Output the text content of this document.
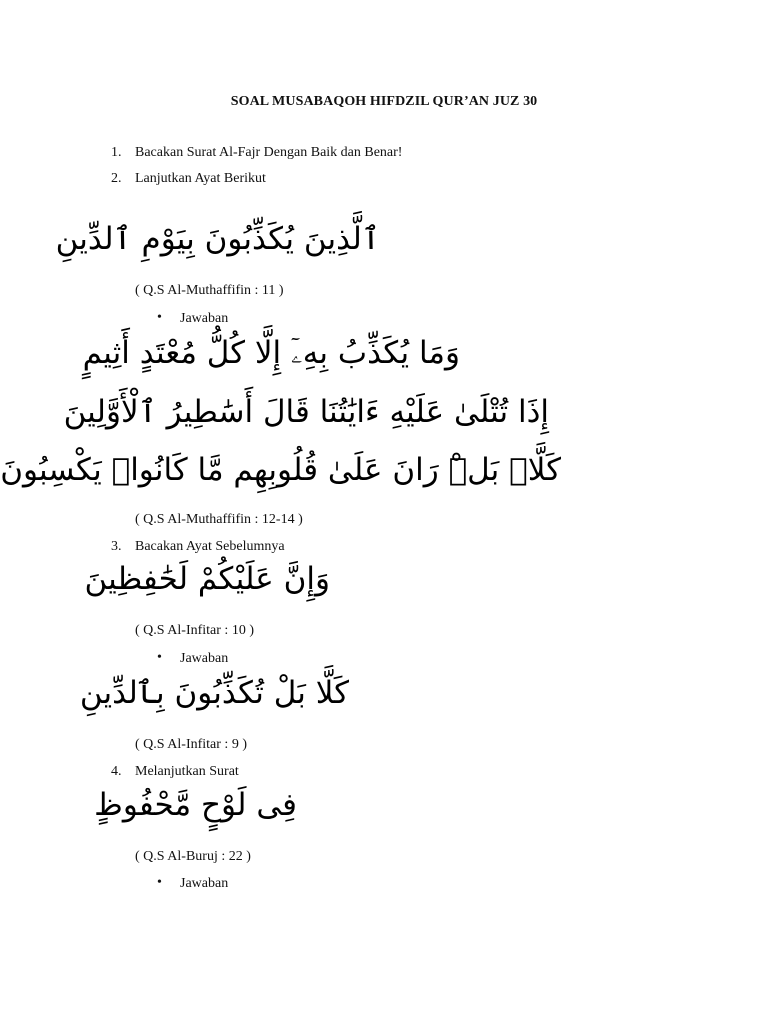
SOAL MUSABAQOH HIFDZIL QUR’AN JUZ 30
1. Bacakan Surat Al-Fajr Dengan Baik dan Benar!
2. Lanjutkan Ayat Berikut
ٱلَّذِينَ يُكَذِّبُونَ بِيَوْمِ ٱلدِّينِ
( Q.S Al-Muthaffifin : 11 )
• Jawaban
وَمَا يُكَذِّبُ بِهِۦٓ إِلَّا كُلُّ مُعْتَدٍ أَثِيمٍ
إِذَا تُتْلَىٰ عَلَيْهِ ءَايَٰتُنَا قَالَ أَسَٰطِيرُ ٱلْأَوَّلِينَ
كَلَّاۖ بَلْۜ رَانَ عَلَىٰ قُلُوبِهِم مَّا كَانُوا۟ يَكْسِبُونَ
( Q.S Al-Muthaffifin : 12-14 )
3. Bacakan Ayat Sebelumnya
وَإِنَّ عَلَيْكُمْ لَحَٰفِظِينَ
( Q.S Al-Infitar : 10 )
• Jawaban
كَلَّا بَلْ تُكَذِّبُونَ بِٱلدِّينِ
( Q.S Al-Infitar : 9 )
4. Melanjutkan Surat
فِى لَوْحٍ مَّحْفُوظٍ
( Q.S Al-Buruj : 22 )
• Jawaban
